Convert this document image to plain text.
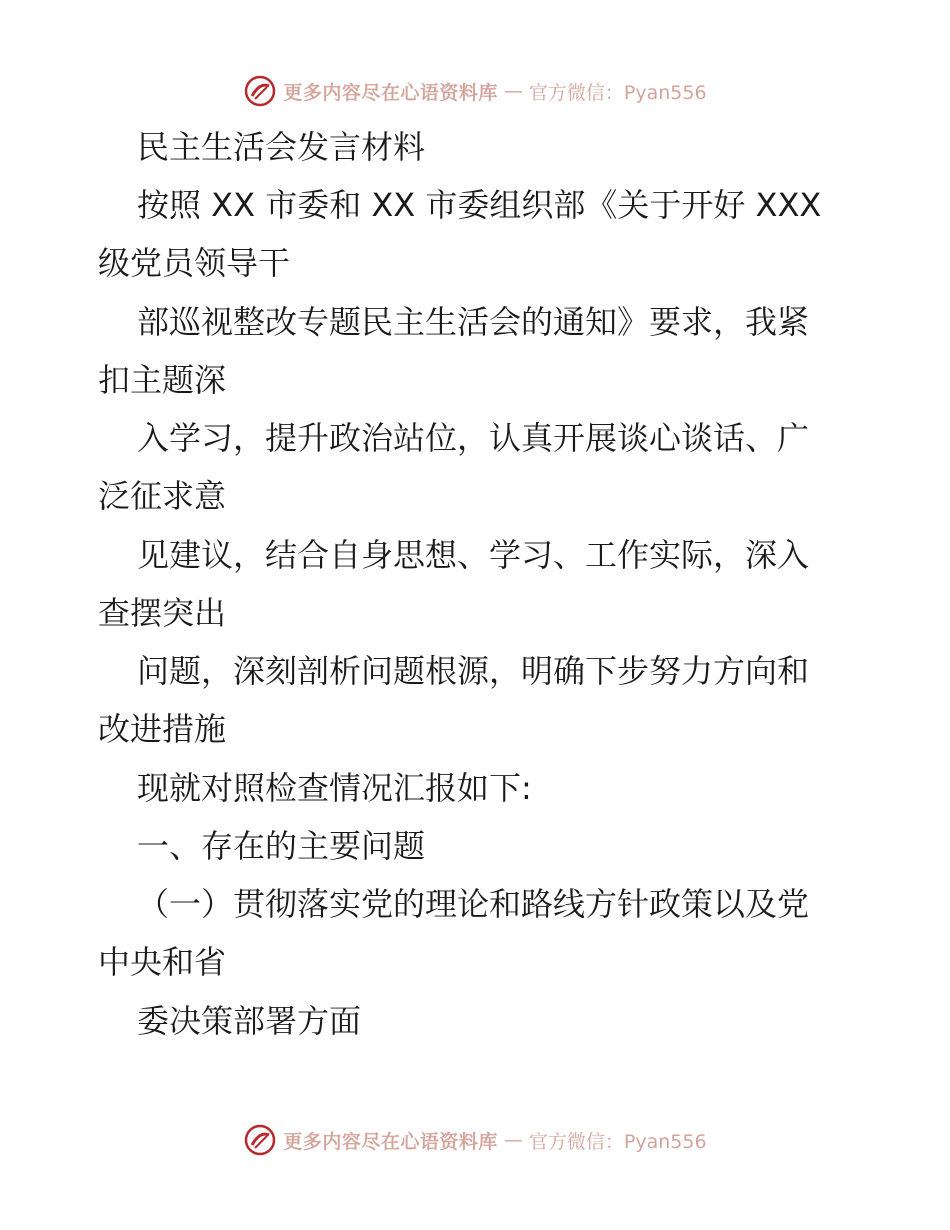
更多内容尽在心语资料库 — 官方微信：Pyan556
民主生活会发言材料
按照 XX 市委和 XX 市委组织部《关于开好 XXX
级党员领导干
部巡视整改专题民主生活会的通知》要求，我紧
扣主题深
入学习，提升政治站位，认真开展谈心谈话、广
泛征求意
见建议，结合自身思想、学习、工作实际，深入
查摆突出
问题，深刻剖析问题根源，明确下步努力方向和
改进措施
现就对照检查情况汇报如下:
一、存在的主要问题
（一）贯彻落实党的理论和路线方针政策以及党
中央和省
委决策部署方面
更多内容尽在心语资料库 — 官方微信：Pyan556
